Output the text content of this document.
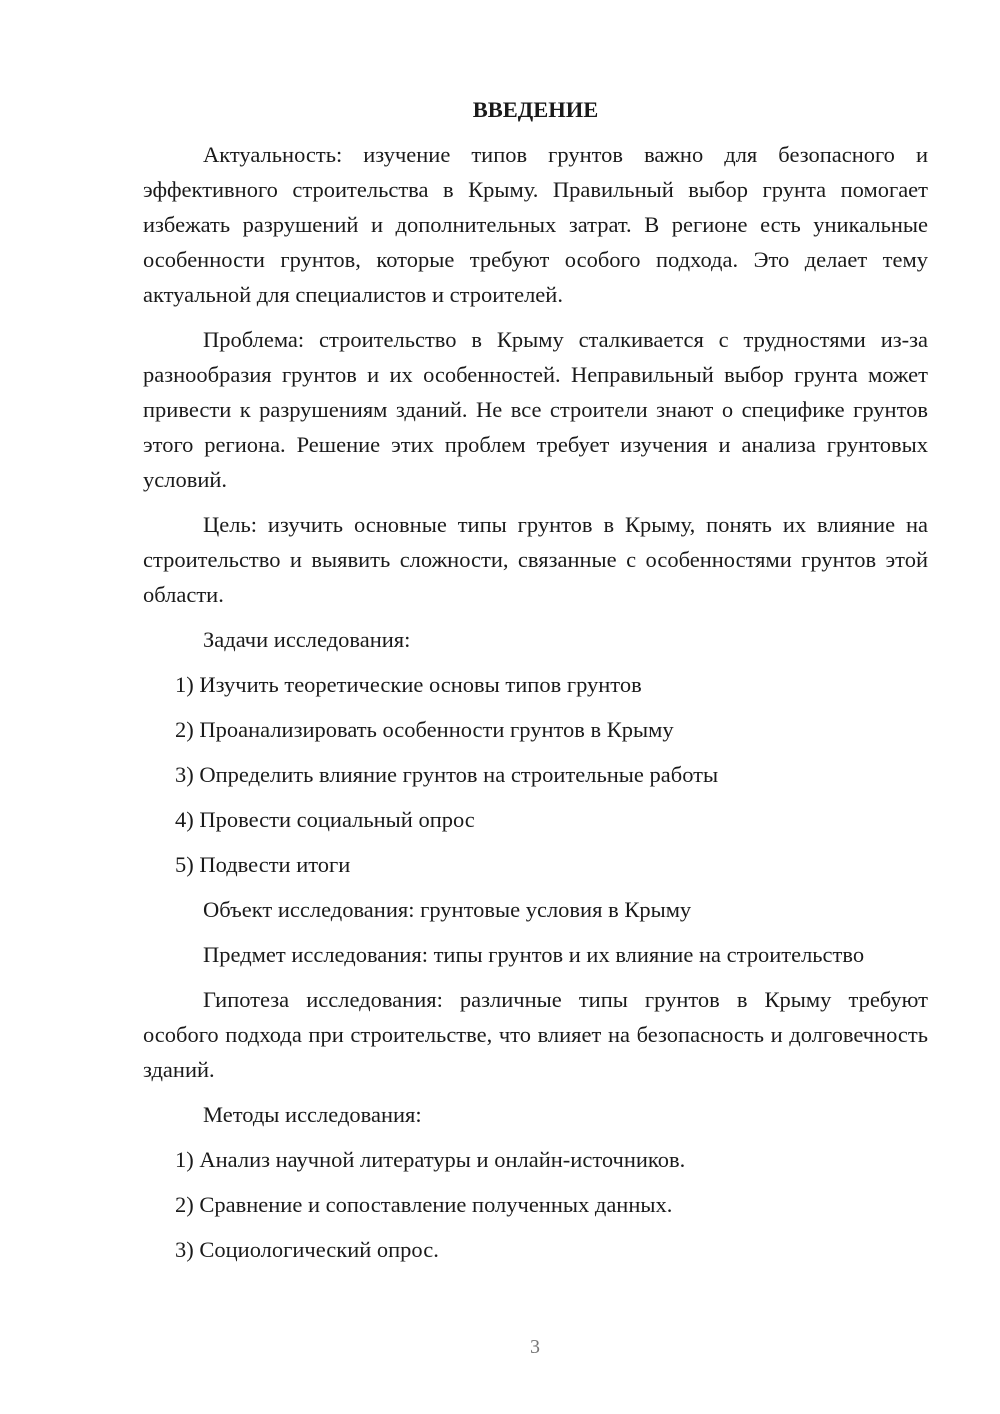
ВВЕДЕНИЕ

Актуальность: изучение типов грунтов важно для безопасного и эффективного строительства в Крыму. Правильный выбор грунта помогает избежать разрушений и дополнительных затрат. В регионе есть уникальные особенности грунтов, которые требуют особого подхода. Это делает тему актуальной для специалистов и строителей.

Проблема: строительство в Крыму сталкивается с трудностями из-за разнообразия грунтов и их особенностей. Неправильный выбор грунта может привести к разрушениям зданий. Не все строители знают о специфике грунтов этого региона. Решение этих проблем требует изучения и анализа грунтовых условий.

Цель: изучить основные типы грунтов в Крыму, понять их влияние на строительство и выявить сложности, связанные с особенностями грунтов этой области.

Задачи исследования:

1) Изучить теоретические основы типов грунтов
2) Проанализировать особенности грунтов в Крыму
3) Определить влияние грунтов на строительные работы
4) Провести социальный опрос
5) Подвести итоги

Объект исследования: грунтовые условия в Крыму

Предмет исследования: типы грунтов и их влияние на строительство

Гипотеза исследования: различные типы грунтов в Крыму требуют особого подхода при строительстве, что влияет на безопасность и долговечность зданий.

Методы исследования:

1) Анализ научной литературы и онлайн-источников.
2) Сравнение и сопоставление полученных данных.
3) Социологический опрос.
3
